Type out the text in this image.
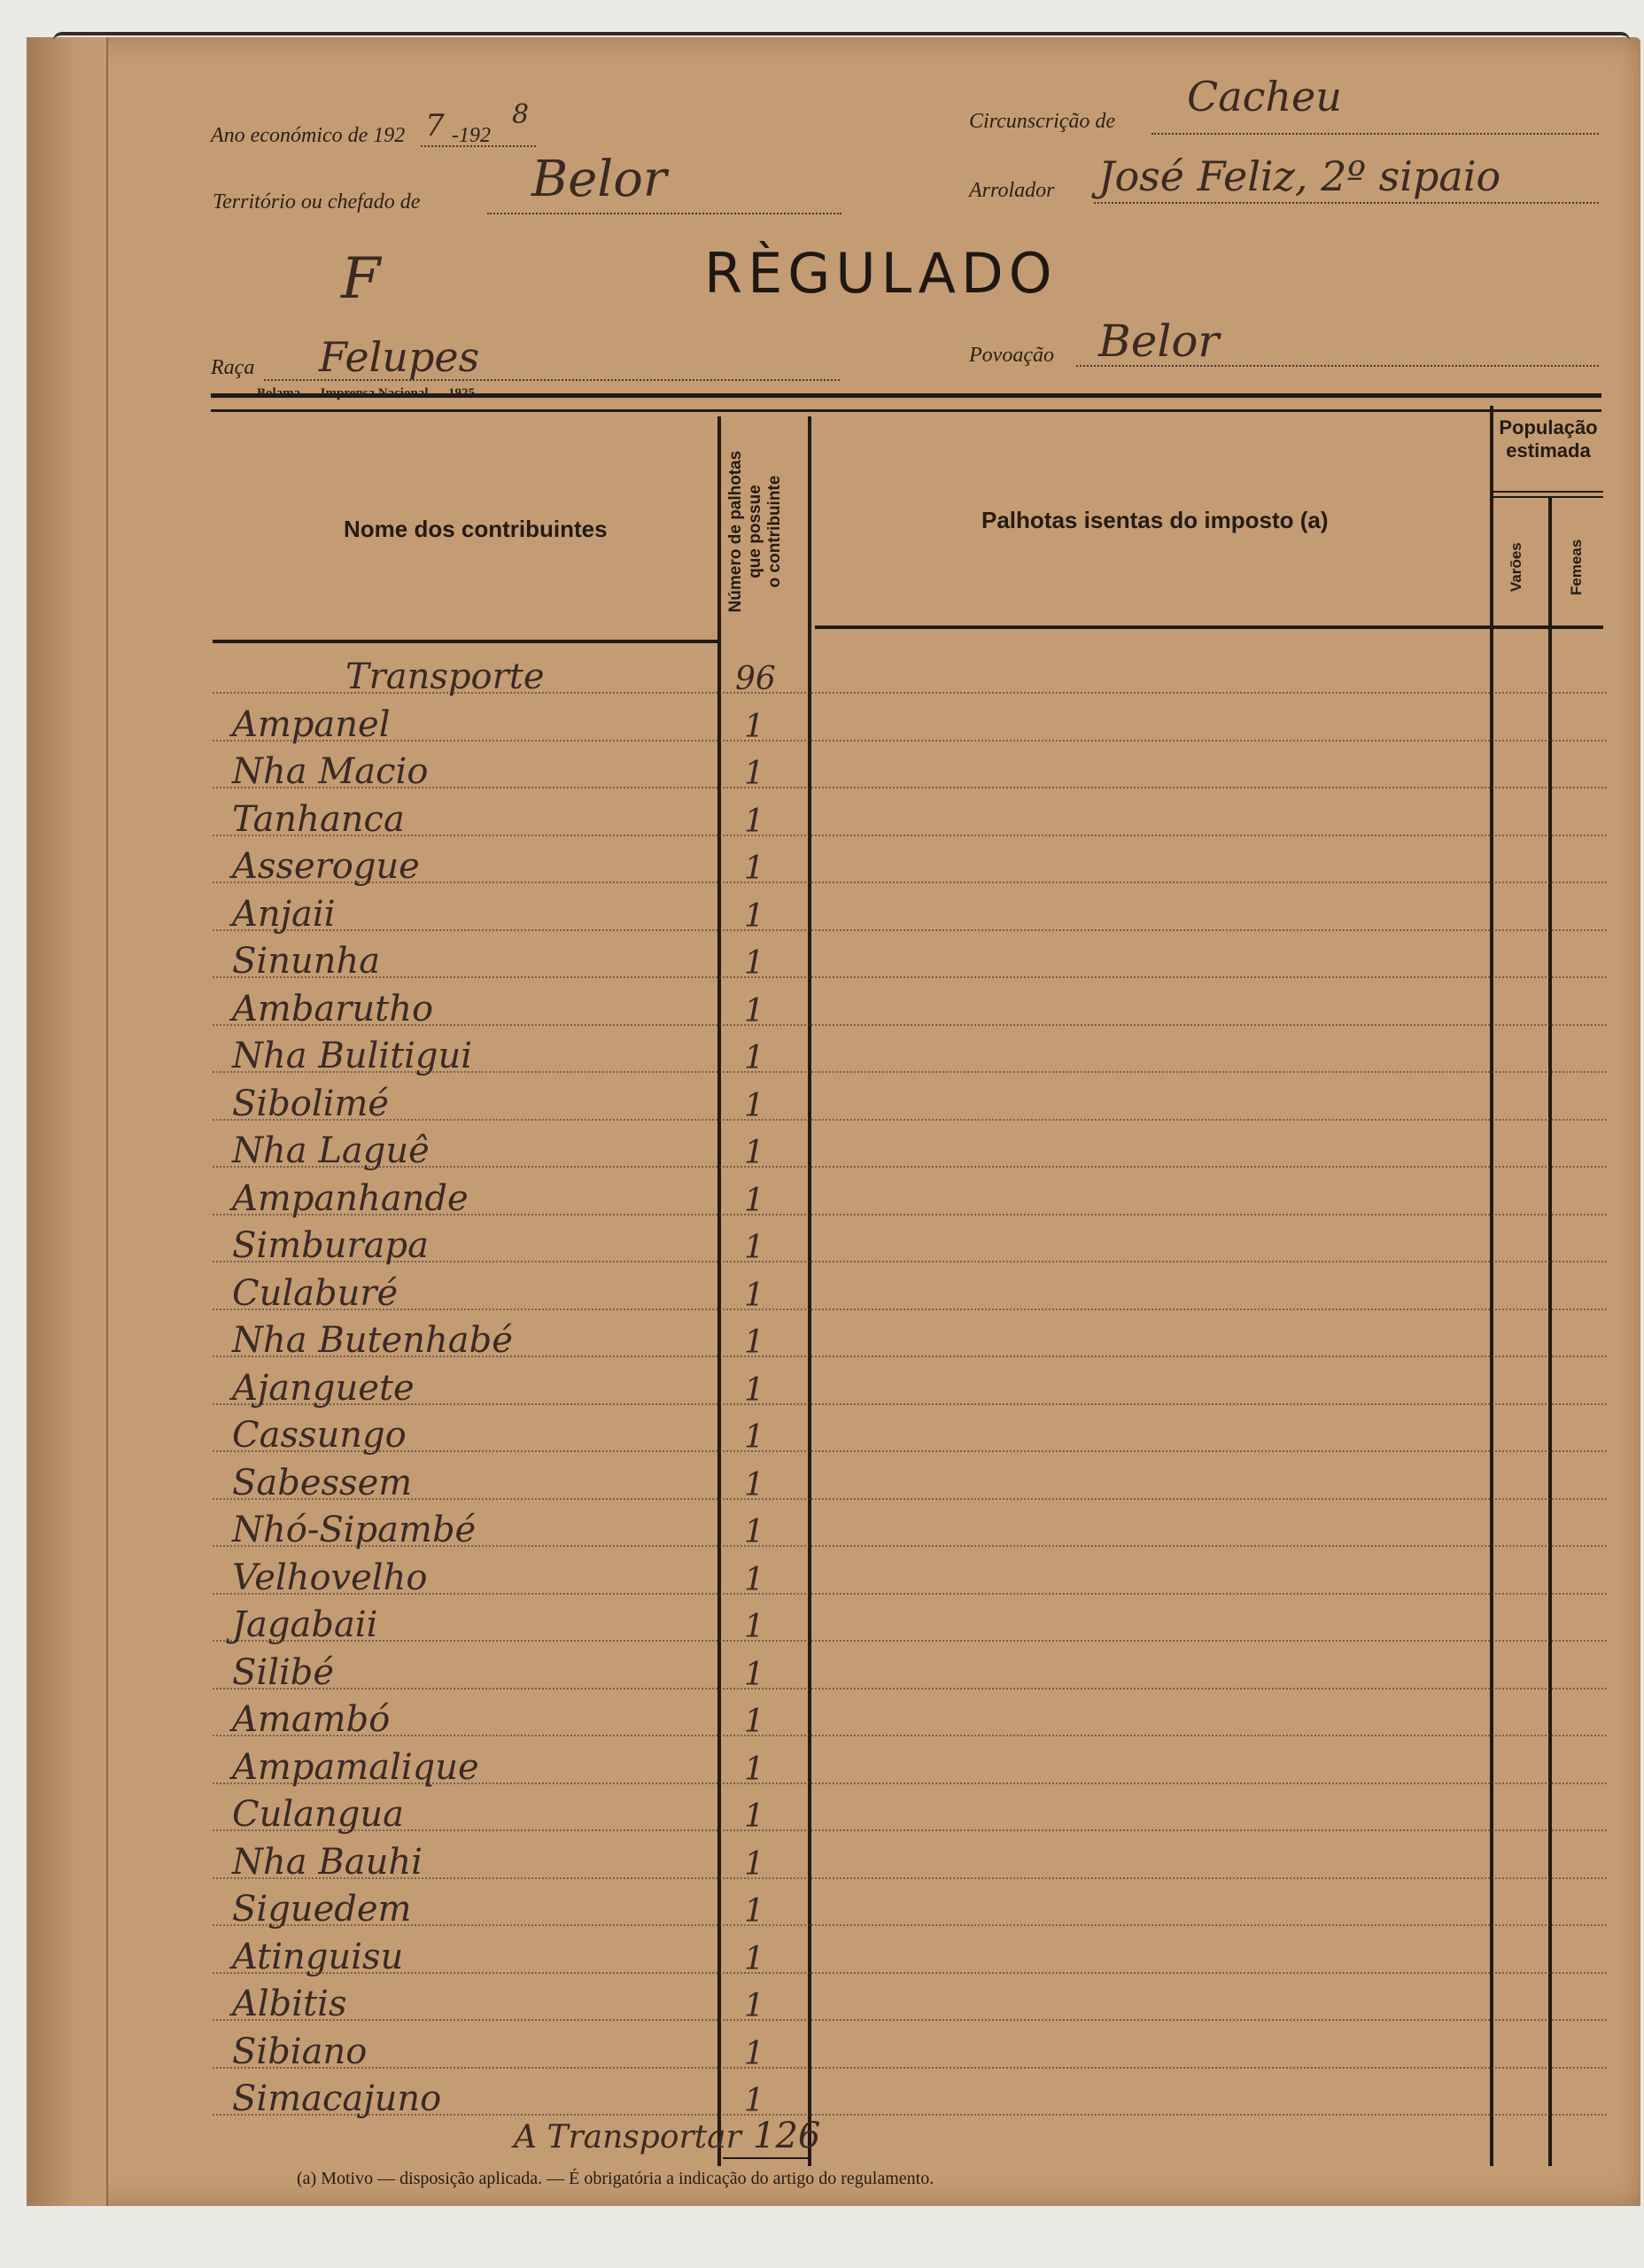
Ano económico de 192 7 -192
8	Circunscrição de
Cacheu
Território ou chefado de Belor	Arrolador José Feliz, 2º sipaio
F	RÈGULADO
Raça Felupes	Povoação Belor
Nome dos contribuintes	Número de palhotas que possue o contribuinte	Palhotas isentas do imposto (a)
População
estimada
Varões	Femeas
Transporte	96
Ampanel	1
Nha Macio	1
Tanhanca	1
Asserogue	1
Anjaii	1
Sinunha	1
Ambarutho	1
Nha Bulitigui	1
Sibolimé	1
Nha Laguê	1
Ampanhande	1
Simburapa	1
Culaburé	1
Nha Butenhabé	1
Ajanguete	1
Cassungo	1
Sabessem	1
Nhó-Sipambé	1
Velhovelho	1
Jagabaii	1
Silibé	1
Amambó	1
Ampamalique	1
Culangua	1
Nha Bauhi	1
Siguedem	1
Atinguisu	1
Albitis	1
Sibiano	1
Simacajuno	1
A Transportar 126
(a) Motivo — disposição aplicada. — É obrigatória a indicação do artigo do regulamento.
